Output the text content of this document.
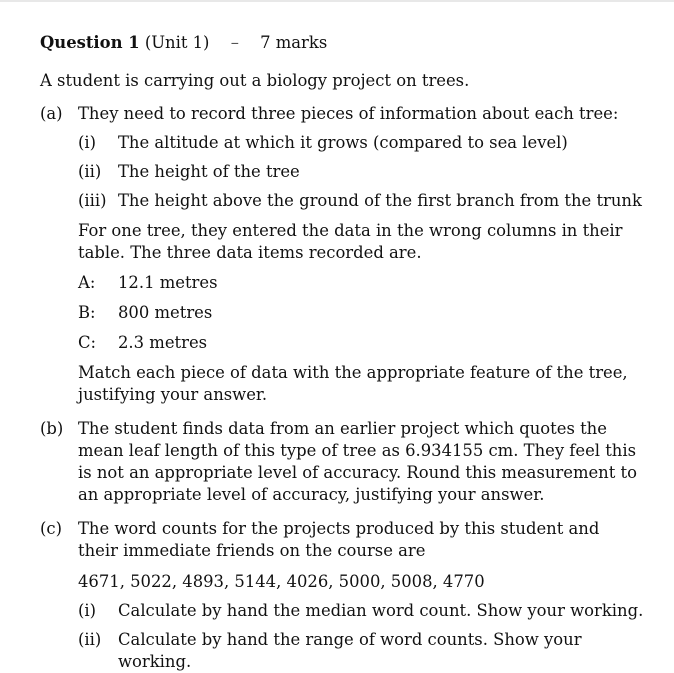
Question 1 (Unit 1) – 7 marks
A student is carrying out a biology project on trees.
(a) They need to record three pieces of information about each tree:
(i) The altitude at which it grows (compared to sea level)
(ii) The height of the tree
(iii) The height above the ground of the first branch from the trunk
For one tree, they entered the data in the wrong columns in their table. The three data items recorded are.
A: 12.1 metres
B: 800 metres
C: 2.3 metres
Match each piece of data with the appropriate feature of the tree, justifying your answer.
(b) The student finds data from an earlier project which quotes the mean leaf length of this type of tree as 6.934155 cm. They feel this is not an appropriate level of accuracy. Round this measurement to an appropriate level of accuracy, justifying your answer.
(c) The word counts for the projects produced by this student and their immediate friends on the course are
4671, 5022, 4893, 5144, 4026, 5000, 5008, 4770
(i) Calculate by hand the median word count. Show your working.
(ii) Calculate by hand the range of word counts. Show your working.
